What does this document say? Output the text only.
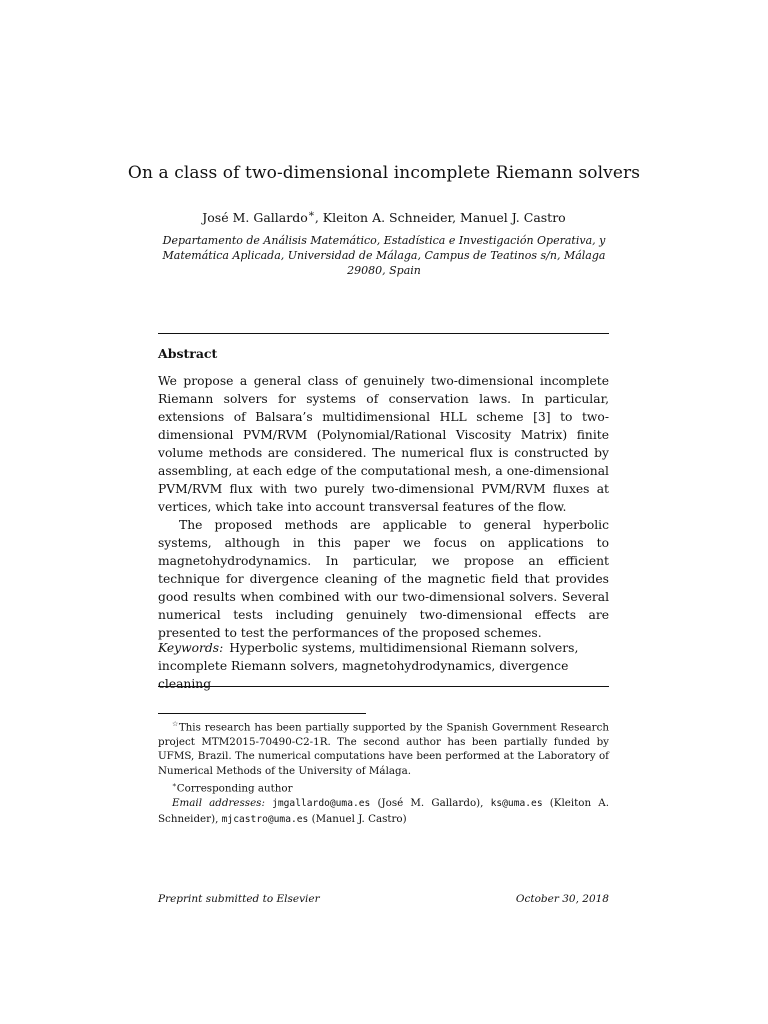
On a class of two-dimensional incomplete Riemann solvers
José M. Gallardo∗, Kleiton A. Schneider, Manuel J. Castro
Departamento de Análisis Matemático, Estadística e Investigación Operativa, y Matemática Aplicada, Universidad de Málaga, Campus de Teatinos s/n, Málaga 29080, Spain
Abstract

We propose a general class of genuinely two-dimensional incomplete Riemann solvers for systems of conservation laws. In particular, extensions of Balsara’s multidimensional HLL scheme [3] to two-dimensional PVM/RVM (Polynomial/Rational Viscosity Matrix) finite volume methods are considered. The numerical flux is constructed by assembling, at each edge of the computational mesh, a one-dimensional PVM/RVM flux with two purely two-dimensional PVM/RVM fluxes at vertices, which take into account transversal features of the flow.

The proposed methods are applicable to general hyperbolic systems, although in this paper we focus on applications to magnetohydrodynamics. In particular, we propose an efficient technique for divergence cleaning of the magnetic field that provides good results when combined with our two-dimensional solvers. Several numerical tests including genuinely two-dimensional effects are presented to test the performances of the proposed schemes.

Keywords: Hyperbolic systems, multidimensional Riemann solvers, incomplete Riemann solvers, magnetohydrodynamics, divergence cleaning

☆This research has been partially supported by the Spanish Government Research project MTM2015-70490-C2-1R. The second author has been partially funded by UFMS, Brazil. The numerical computations have been performed at the Laboratory of Numerical Methods of the University of Málaga.

∗Corresponding author

Email addresses: jmgallardo@uma.es (José M. Gallardo), ks@uma.es (Kleiton A. Schneider), mjcastro@uma.es (Manuel J. Castro)

Preprint submitted to Elsevier	October 30, 2018
